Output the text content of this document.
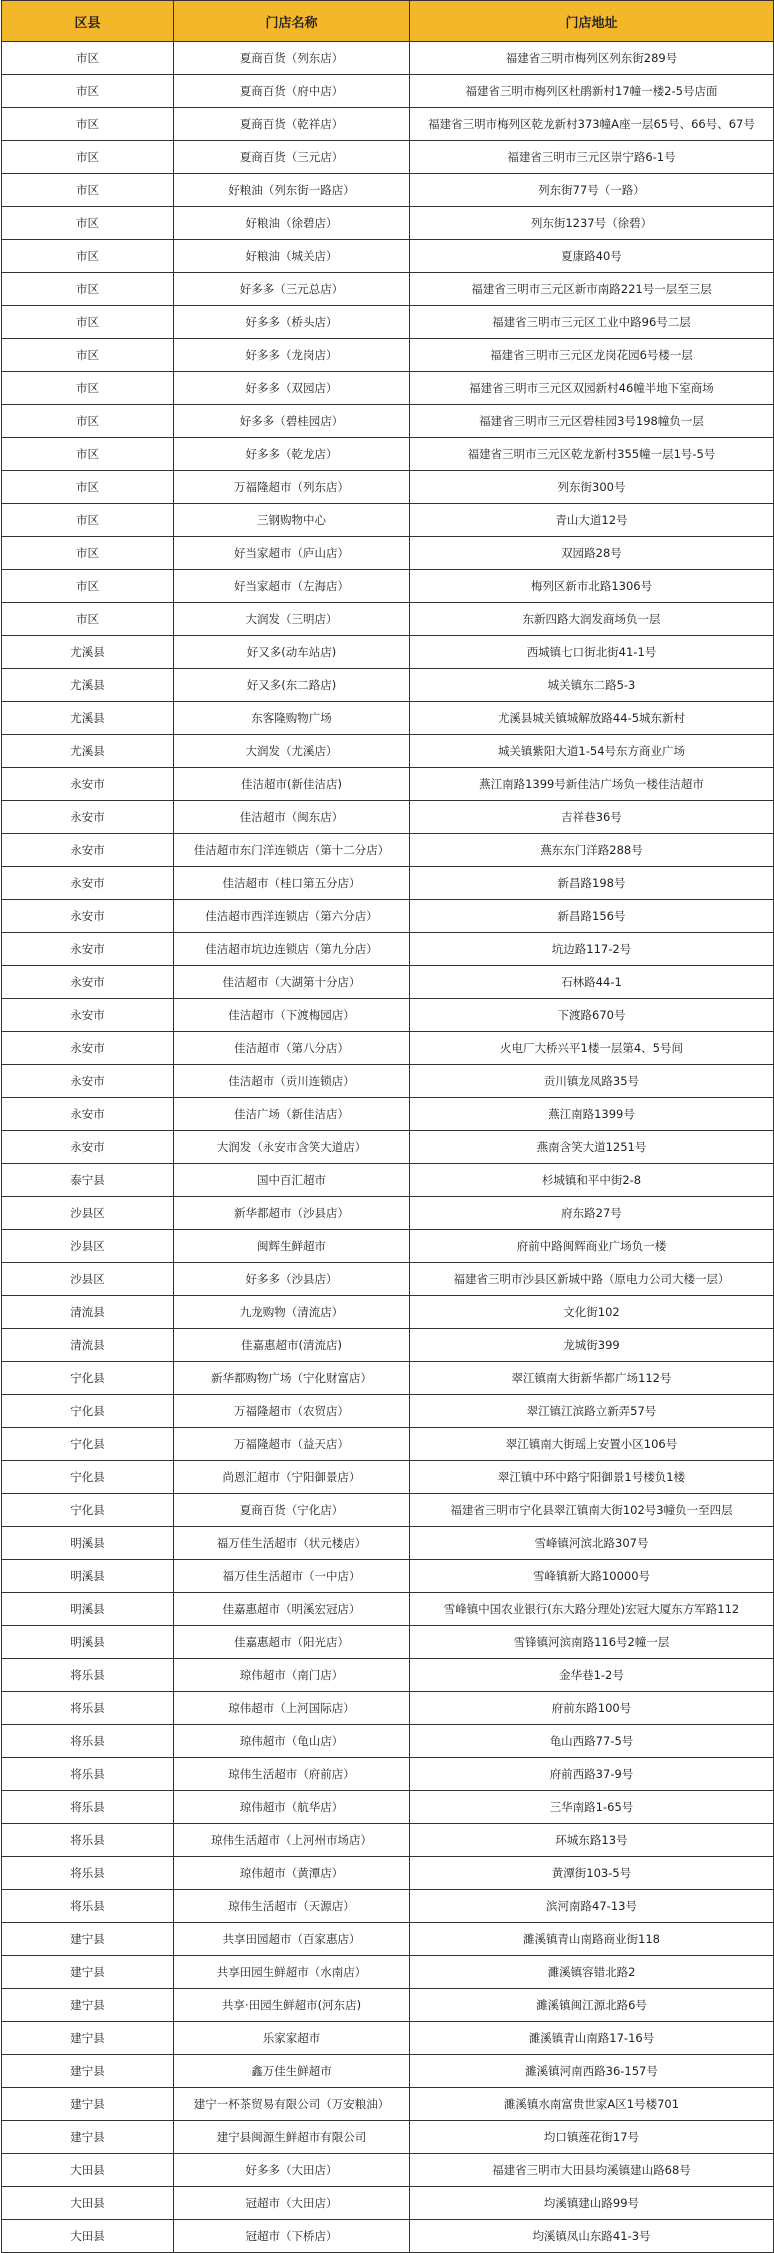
区县	门店名称	门店地址
市区	夏商百货（列东店）	福建省三明市梅列区列东街289号
市区	夏商百货（府中店）	福建省三明市梅列区杜鹃新村17幢一楼2-5号店面
市区	夏商百货（乾祥店）	福建省三明市梅列区乾龙新村373幢A座一层65号、66号、67号
市区	夏商百货（三元店）	福建省三明市三元区崇宁路6-1号
市区	好粮油（列东街一路店）	列东街77号（一路）
市区	好粮油（徐碧店）	列东街1237号（徐碧）
市区	好粮油（城关店）	夏康路40号
市区	好多多（三元总店）	福建省三明市三元区新市南路221号一层至三层
市区	好多多（桥头店）	福建省三明市三元区工业中路96号二层
市区	好多多（龙岗店）	福建省三明市三元区龙岗花园6号楼一层
市区	好多多（双园店）	福建省三明市三元区双园新村46幢半地下室商场
市区	好多多（碧桂园店）	福建省三明市三元区碧桂园3号198幢负一层
市区	好多多（乾龙店）	福建省三明市三元区乾龙新村355幢一层1号-5号
市区	万福隆超市（列东店）	列东街300号
市区	三钢购物中心	青山大道12号
市区	好当家超市（庐山店）	双园路28号
市区	好当家超市（左海店）	梅列区新市北路1306号
市区	大润发（三明店）	东新四路大润发商场负一层
尤溪县	好又多(动车站店)	西城镇七口街北街41-1号
尤溪县	好又多(东二路店)	城关镇东二路5-3
尤溪县	东客隆购物广场	尤溪县城关镇城解放路44-5城东新村
尤溪县	大润发（尤溪店）	城关镇紫阳大道1-54号东方商业广场
永安市	佳洁超市(新佳洁店)	燕江南路1399号新佳洁广场负一楼佳洁超市
永安市	佳洁超市（闽东店）	吉祥巷36号
永安市	佳洁超市东门洋连锁店（第十二分店）	燕东东门洋路288号
永安市	佳洁超市（桂口第五分店）	新昌路198号
永安市	佳洁超市西洋连锁店（第六分店）	新昌路156号
永安市	佳洁超市坑边连锁店（第九分店）	坑边路117-2号
永安市	佳洁超市（大湖第十分店）	石林路44-1
永安市	佳洁超市（下渡梅园店）	下渡路670号
永安市	佳洁超市（第八分店）	火电厂大桥兴平1楼一层第4、5号间
永安市	佳洁超市（贡川连锁店）	贡川镇龙凤路35号
永安市	佳洁广场（新佳洁店）	燕江南路1399号
永安市	大润发（永安市含笑大道店）	燕南含笑大道1251号
泰宁县	国中百汇超市	杉城镇和平中街2-8
沙县区	新华都超市（沙县店）	府东路27号
沙县区	闽辉生鲜超市	府前中路闽辉商业广场负一楼
沙县区	好多多（沙县店）	福建省三明市沙县区新城中路（原电力公司大楼一层）
清流县	九龙购物（清流店）	文化街102
清流县	佳嘉惠超市(清流店)	龙城街399
宁化县	新华都购物广场（宁化财富店）	翠江镇南大街新华都广场112号
宁化县	万福隆超市（农贸店）	翠江镇江滨路立新弄57号
宁化县	万福隆超市（益天店）	翠江镇南大街瑶上安置小区106号
宁化县	尚恩汇超市（宁阳御景店）	翠江镇中环中路宁阳御景1号楼负1楼
宁化县	夏商百货（宁化店）	福建省三明市宁化县翠江镇南大街102号3幢负一至四层
明溪县	福万佳生活超市（状元楼店）	雪峰镇河滨北路307号
明溪县	福万佳生活超市（一中店）	雪峰镇新大路10000号
明溪县	佳嘉惠超市（明溪宏冠店）	雪峰镇中国农业银行(东大路分理处)宏冠大厦东方军路112
明溪县	佳嘉惠超市（阳光店）	雪锋镇河滨南路116号2幢一层
将乐县	琼伟超市（南门店）	金华巷1-2号
将乐县	琼伟超市（上河国际店）	府前东路100号
将乐县	琼伟超市（龟山店）	龟山西路77-5号
将乐县	琼伟生活超市（府前店）	府前西路37-9号
将乐县	琼伟超市（航华店）	三华南路1-65号
将乐县	琼伟生活超市（上河州市场店）	环城东路13号
将乐县	琼伟超市（黄潭店）	黄潭街103-5号
将乐县	琼伟生活超市（天源店）	滨河南路47-13号
建宁县	共享田园超市（百家惠店）	濉溪镇青山南路商业街118
建宁县	共享田园生鲜超市（水南店）	濉溪镇容错北路2
建宁县	共享·田园生鲜超市(河东店)	濉溪镇闽江源北路6号
建宁县	乐家家超市	濉溪镇青山南路17-16号
建宁县	鑫万佳生鲜超市	濉溪镇河南西路36-157号
建宁县	建宁一杯茶贸易有限公司（万安粮油）	濉溪镇水南富贵世家A区1号楼701
建宁县	建宁县闽源生鲜超市有限公司	均口镇莲花街17号
大田县	好多多（大田店）	福建省三明市大田县均溪镇建山路68号
大田县	冠超市（大田店）	均溪镇建山路99号
大田县	冠超市（下桥店）	均溪镇凤山东路41-3号
